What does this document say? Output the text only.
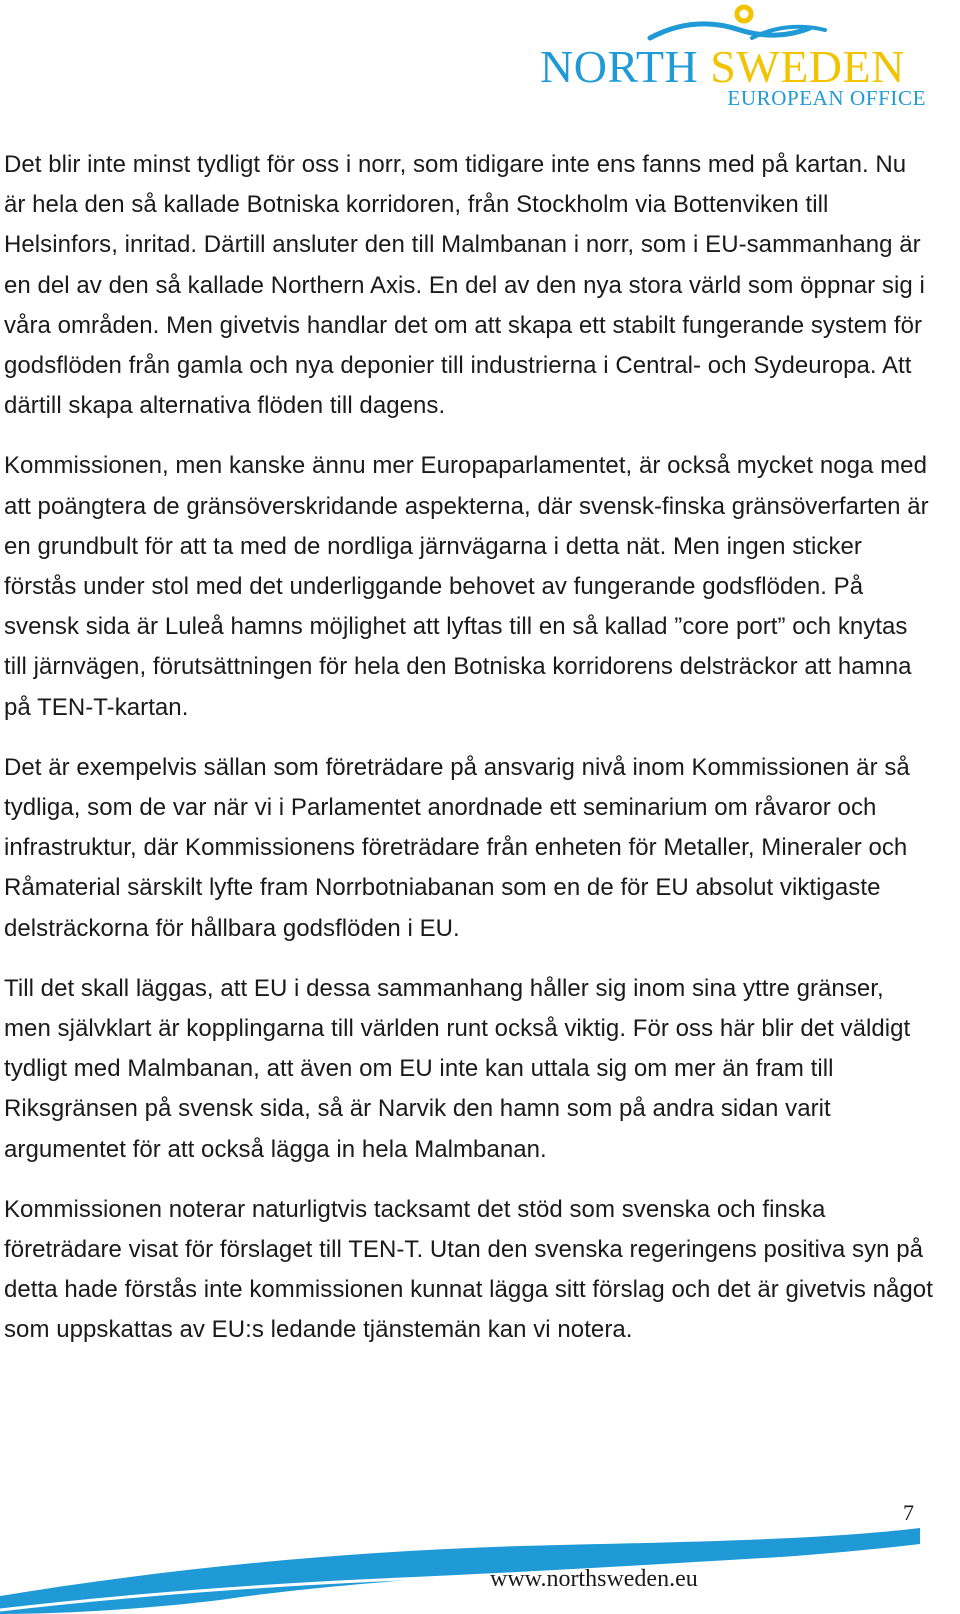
NORTH SWEDEN
EUROPEAN OFFICE

Det blir inte minst tydligt för oss i norr, som tidigare inte ens fanns med på kartan. Nu är hela den så kallade Botniska korridoren, från Stockholm via Bottenviken till Helsinfors, inritad. Därtill ansluter den till Malmbanan i norr, som i EU-sammanhang är en del av den så kallade Northern Axis. En del av den nya stora värld som öppnar sig i våra områden. Men givetvis handlar det om att skapa ett stabilt fungerande system för godsflöden från gamla och nya deponier till industrierna i Central- och Sydeuropa. Att därtill skapa alternativa flöden till dagens.

Kommissionen, men kanske ännu mer Europaparlamentet, är också mycket noga med att poängtera de gränsöverskridande aspekterna, där svensk-finska gränsöverfarten är en grundbult för att ta med de nordliga järnvägarna i detta nät. Men ingen sticker förstås under stol med det underliggande behovet av fungerande godsflöden. På svensk sida är Luleå hamns möjlighet att lyftas till en så kallad ”core port” och knytas till järnvägen, förutsättningen för hela den Botniska korridorens delsträckor att hamna på TEN-T-kartan.

Det är exempelvis sällan som företrädare på ansvarig nivå inom Kommissionen är så tydliga, som de var när vi i Parlamentet anordnade ett seminarium om råvaror och infrastruktur, där Kommissionens företrädare från enheten för Metaller, Mineraler och Råmaterial särskilt lyfte fram Norrbotniabanan som en de för EU absolut viktigaste delsträckorna för hållbara godsflöden i EU.

Till det skall läggas, att EU i dessa sammanhang håller sig inom sina yttre gränser, men självklart är kopplingarna till världen runt också viktig. För oss här blir det väldigt tydligt med Malmbanan, att även om EU inte kan uttala sig om mer än fram till Riksgränsen på svensk sida, så är Narvik den hamn som på andra sidan varit argumentet för att också lägga in hela Malmbanan.

Kommissionen noterar naturligtvis tacksamt det stöd som svenska och finska företrädare visat för förslaget till TEN-T. Utan den svenska regeringens positiva syn på detta hade förstås inte kommissionen kunnat lägga sitt förslag och det är givetvis något som uppskattas av EU:s ledande tjänstemän kan vi notera.

7
www.northsweden.eu
